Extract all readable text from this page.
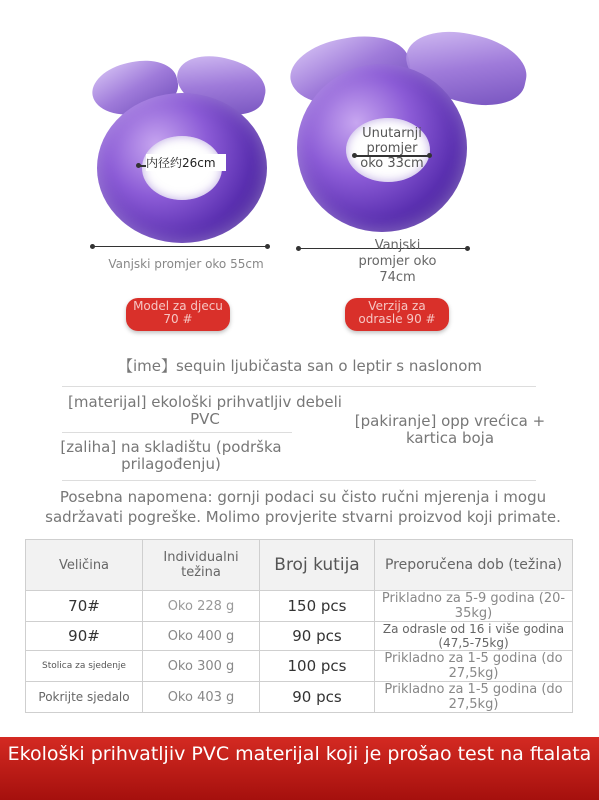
内径约26cm
Vanjski promjer oko 55cm
Model za djecu 70 #
Unutarnji promjer oko 33cm
Vanjski promjer oko 74cm
Verzija za odrasle 90 #
【ime】sequin ljubičasta san o leptir s naslonom
[materijal] ekološki prihvatljiv debeli PVC	[pakiranje] opp vrećica + kartica boja
[zaliha] na skladištu (podrška prilagođenju)
Posebna napomena: gornji podaci su čisto ručni mjerenja i mogu sadržavati pogreške. Molimo provjerite stvarni proizvod koji primate.
Veličina	Individualni težina	Broj kutija	Preporučena dob (težina)
70#	Oko 228 g	150 pcs	Prikladno za 5-9 godina (20-35kg)
90#	Oko 400 g	90 pcs	Za odrasle od 16 i više godina (47,5-75kg)
Stolica za sjedenje	Oko 300 g	100 pcs	Prikladno za 1-5 godina (do 27,5kg)
Pokrijte sjedalo	Oko 403 g	90 pcs	Prikladno za 1-5 godina (do 27,5kg)
Ekološki prihvatljiv PVC materijal koji je prošao test na ftalata
